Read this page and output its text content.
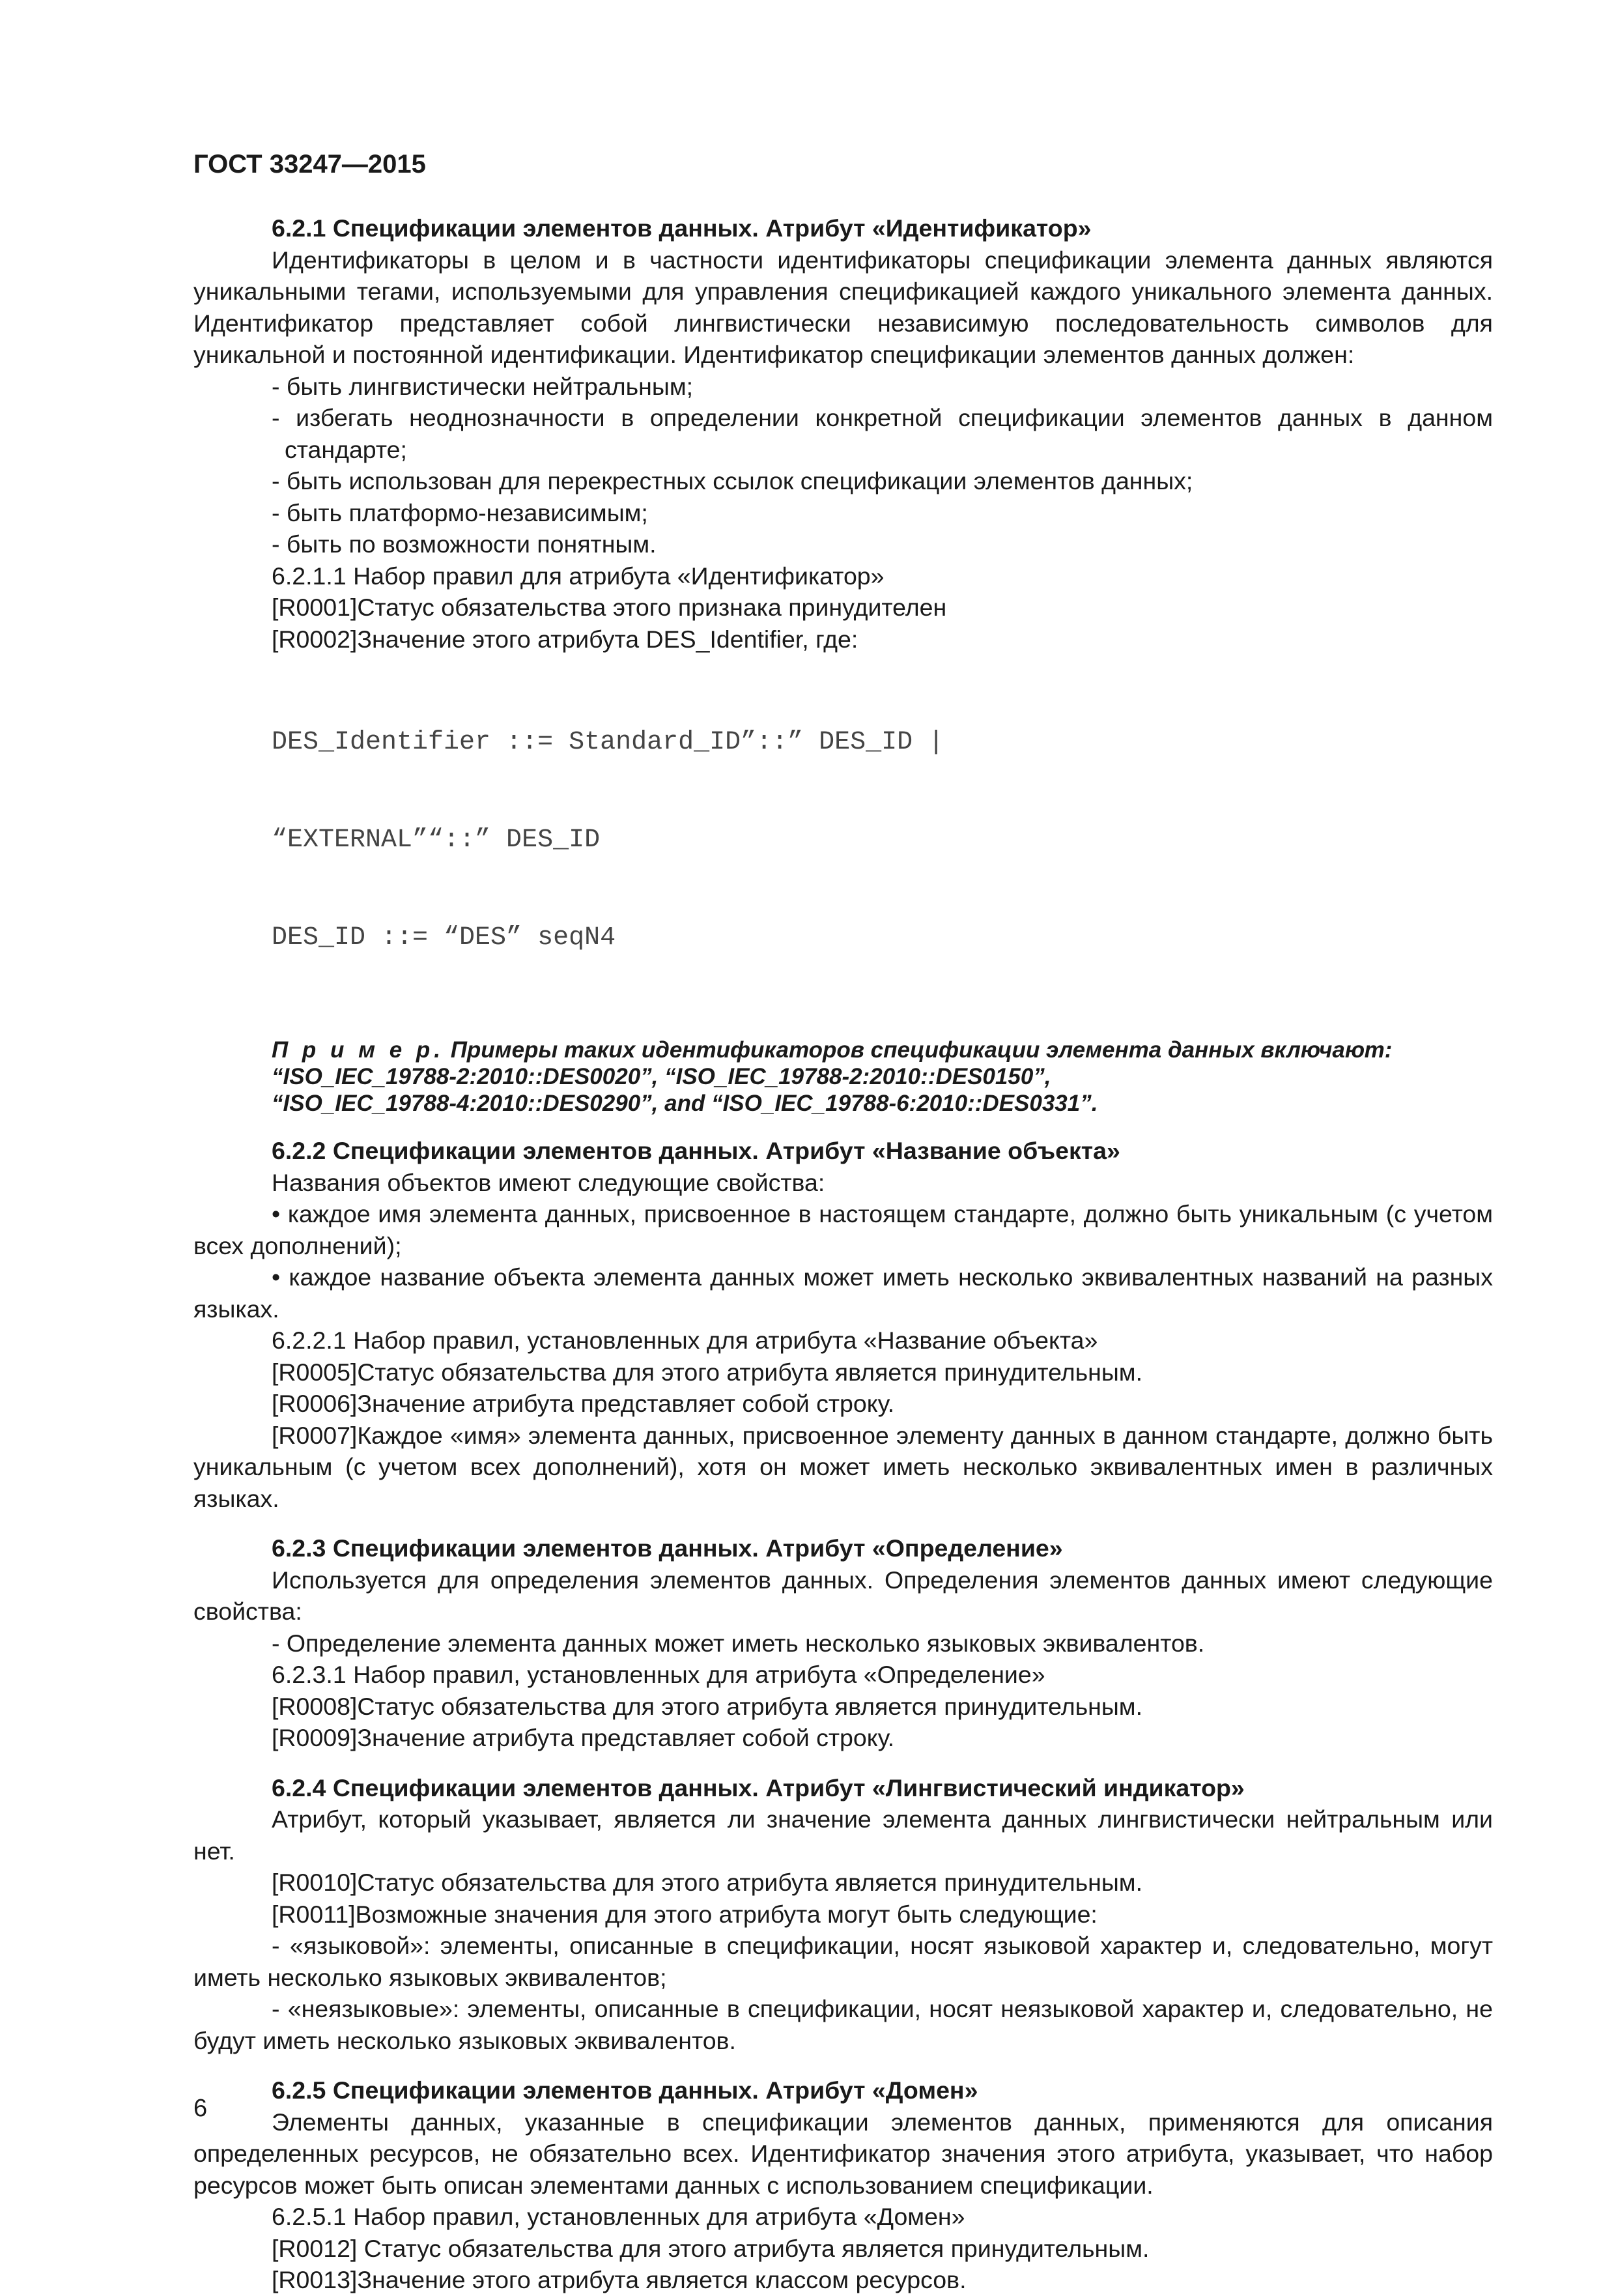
ГОСТ 33247—2015

6.2.1 Спецификации элементов данных. Атрибут «Идентификатор»

Идентификаторы в целом и в частности идентификаторы спецификации элемента данных являются уникальными тегами, используемыми для управления спецификацией каждого уникального элемента данных. Идентификатор представляет собой лингвистически независимую последовательность символов для уникальной и постоянной идентификации. Идентификатор спецификации элементов данных должен:

- быть лингвистически нейтральным;

- избегать неоднозначности в определении конкретной спецификации элементов данных в данном стандарте;

- быть использован для перекрестных ссылок спецификации элементов данных;

- быть платформо-независимым;

- быть по возможности понятным.

6.2.1.1 Набор правил для атрибута «Идентификатор»

[R0001]Статус обязательства этого признака принудителен

[R0002]Значение этого атрибута DES_Identifier, где:

DES_Identifier ::= Standard_ID”::” DES_ID |

“EXTERNAL”“::” DES_ID

DES_ID ::= “DES” seqN4

П р и м е р. Примеры таких идентификаторов спецификации элемента данных включают:
“ISO_IEC_19788-2:2010::DES0020”, “ISO_IEC_19788-2:2010::DES0150”,
“ISO_IEC_19788-4:2010::DES0290”, and “ISO_IEC_19788-6:2010::DES0331”.

6.2.2 Спецификации элементов данных. Атрибут «Название объекта»

Названия объектов имеют следующие свойства:

• каждое имя элемента данных, присвоенное в настоящем стандарте, должно быть уникальным (с учетом всех дополнений);

• каждое название объекта элемента данных может иметь несколько эквивалентных названий на разных языках.

6.2.2.1 Набор правил, установленных для атрибута «Название объекта»

[R0005]Статус обязательства для этого атрибута является принудительным.

[R0006]Значение атрибута представляет собой строку.

[R0007]Каждое «имя» элемента данных, присвоенное элементу данных в данном стандарте, должно быть уникальным (с учетом всех дополнений), хотя он может иметь несколько эквивалентных имен в различных языках.

6.2.3 Спецификации элементов данных. Атрибут «Определение»

Используется для определения элементов данных. Определения элементов данных имеют следующие свойства:

- Определение элемента данных может иметь несколько языковых эквивалентов.

6.2.3.1 Набор правил, установленных для атрибута «Определение»

[R0008]Статус обязательства для этого атрибута является принудительным.

[R0009]Значение атрибута представляет собой строку.

6.2.4 Спецификации элементов данных. Атрибут «Лингвистический индикатор»

Атрибут, который указывает, является ли значение элемента данных лингвистически нейтральным или нет.

[R0010]Статус обязательства для этого атрибута является принудительным.

[R0011]Возможные значения для этого атрибута могут быть следующие:

- «языковой»: элементы, описанные в спецификации, носят языковой характер и, следовательно, могут иметь несколько языковых эквивалентов;

- «неязыковые»: элементы, описанные в спецификации, носят неязыковой характер и, следовательно, не будут иметь несколько языковых эквивалентов.

6.2.5 Спецификации элементов данных. Атрибут «Домен»

Элементы данных, указанные в спецификации элементов данных, применяются для описания определенных ресурсов, не обязательно всех. Идентификатор значения этого атрибута, указывает, что набор ресурсов может быть описан элементами данных с использованием спецификации.

6.2.5.1 Набор правил, установленных для атрибута «Домен»

[R0012] Статус обязательства для этого атрибута является принудительным.

[R0013]Значение этого атрибута является классом ресурсов.

6
